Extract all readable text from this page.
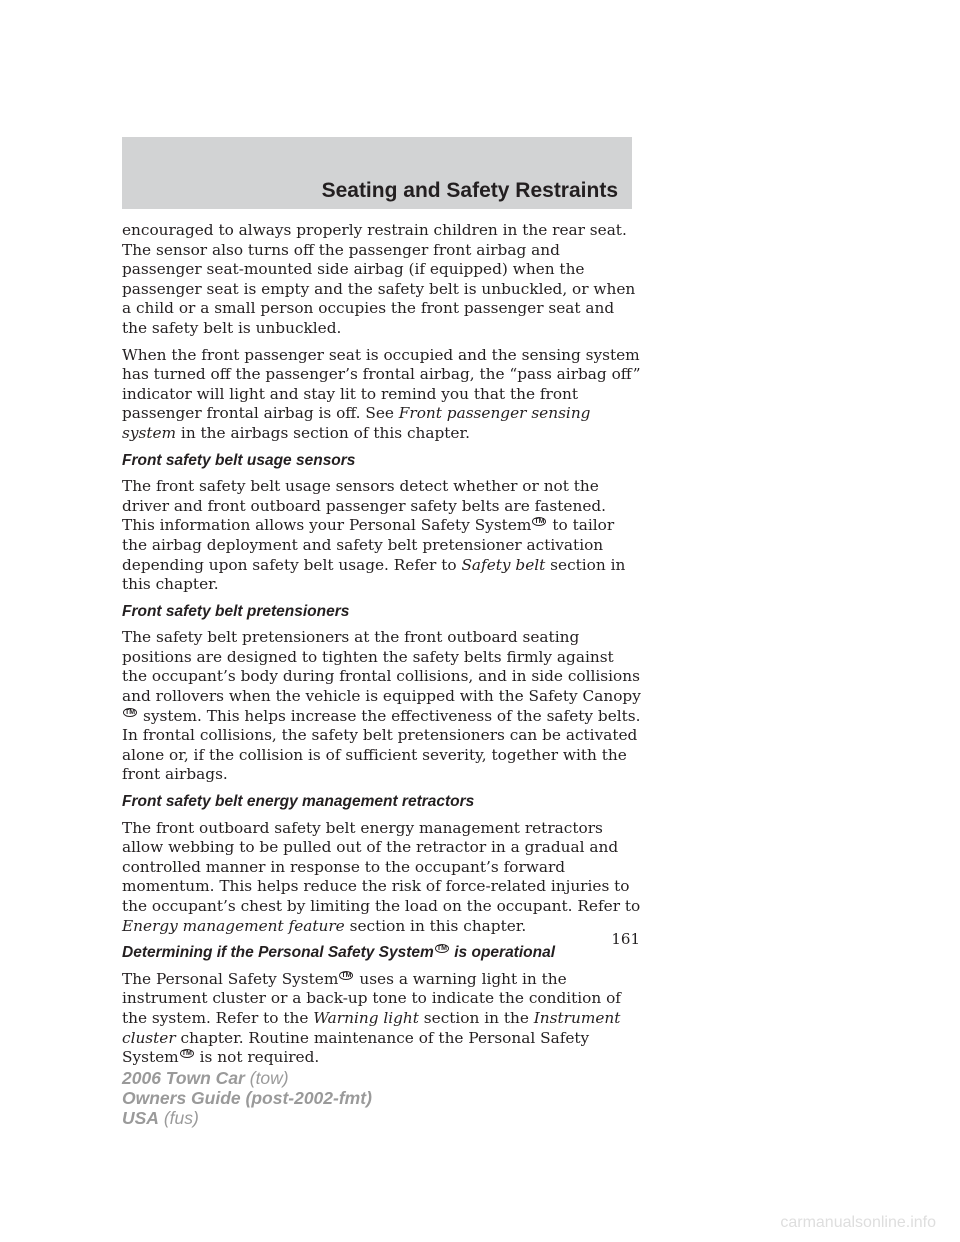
Seating and Safety Restraints

encouraged to always properly restrain children in the rear seat. The sensor also turns off the passenger front airbag and passenger seat-mounted side airbag (if equipped) when the passenger seat is empty and the safety belt is unbuckled, or when a child or a small person occupies the front passenger seat and the safety belt is unbuckled.

When the front passenger seat is occupied and the sensing system has turned off the passenger’s frontal airbag, the “pass airbag off” indicator will light and stay lit to remind you that the front passenger frontal airbag is off. See Front passenger sensing system in the airbags section of this chapter.

Front safety belt usage sensors

The front safety belt usage sensors detect whether or not the driver and front outboard passenger safety belts are fastened. This information allows your Personal Safety System TM to tailor the airbag deployment and safety belt pretensioner activation depending upon safety belt usage. Refer to Safety belt section in this chapter.

Front safety belt pretensioners

The safety belt pretensioners at the front outboard seating positions are designed to tighten the safety belts firmly against the occupant’s body during frontal collisions, and in side collisions and rollovers when the vehicle is equipped with the Safety CanopyTM system. This helps increase the effectiveness of the safety belts. In frontal collisions, the safety belt pretensioners can be activated alone or, if the collision is of sufficient severity, together with the front airbags.

Front safety belt energy management retractors

The front outboard safety belt energy management retractors allow webbing to be pulled out of the retractor in a gradual and controlled manner in response to the occupant’s forward momentum. This helps reduce the risk of force-related injuries to the occupant’s chest by limiting the load on the occupant. Refer to Energy management feature section in this chapter.

Determining if the Personal Safety System TM is operational

The Personal Safety System TM uses a warning light in the instrument cluster or a back-up tone to indicate the condition of the system. Refer to the Warning light section in the Instrument cluster chapter. Routine maintenance of the Personal Safety System TM is not required.

161
2006 Town Car (tow)
Owners Guide (post-2002-fmt)
USA (fus)
carmanualsonline.info
